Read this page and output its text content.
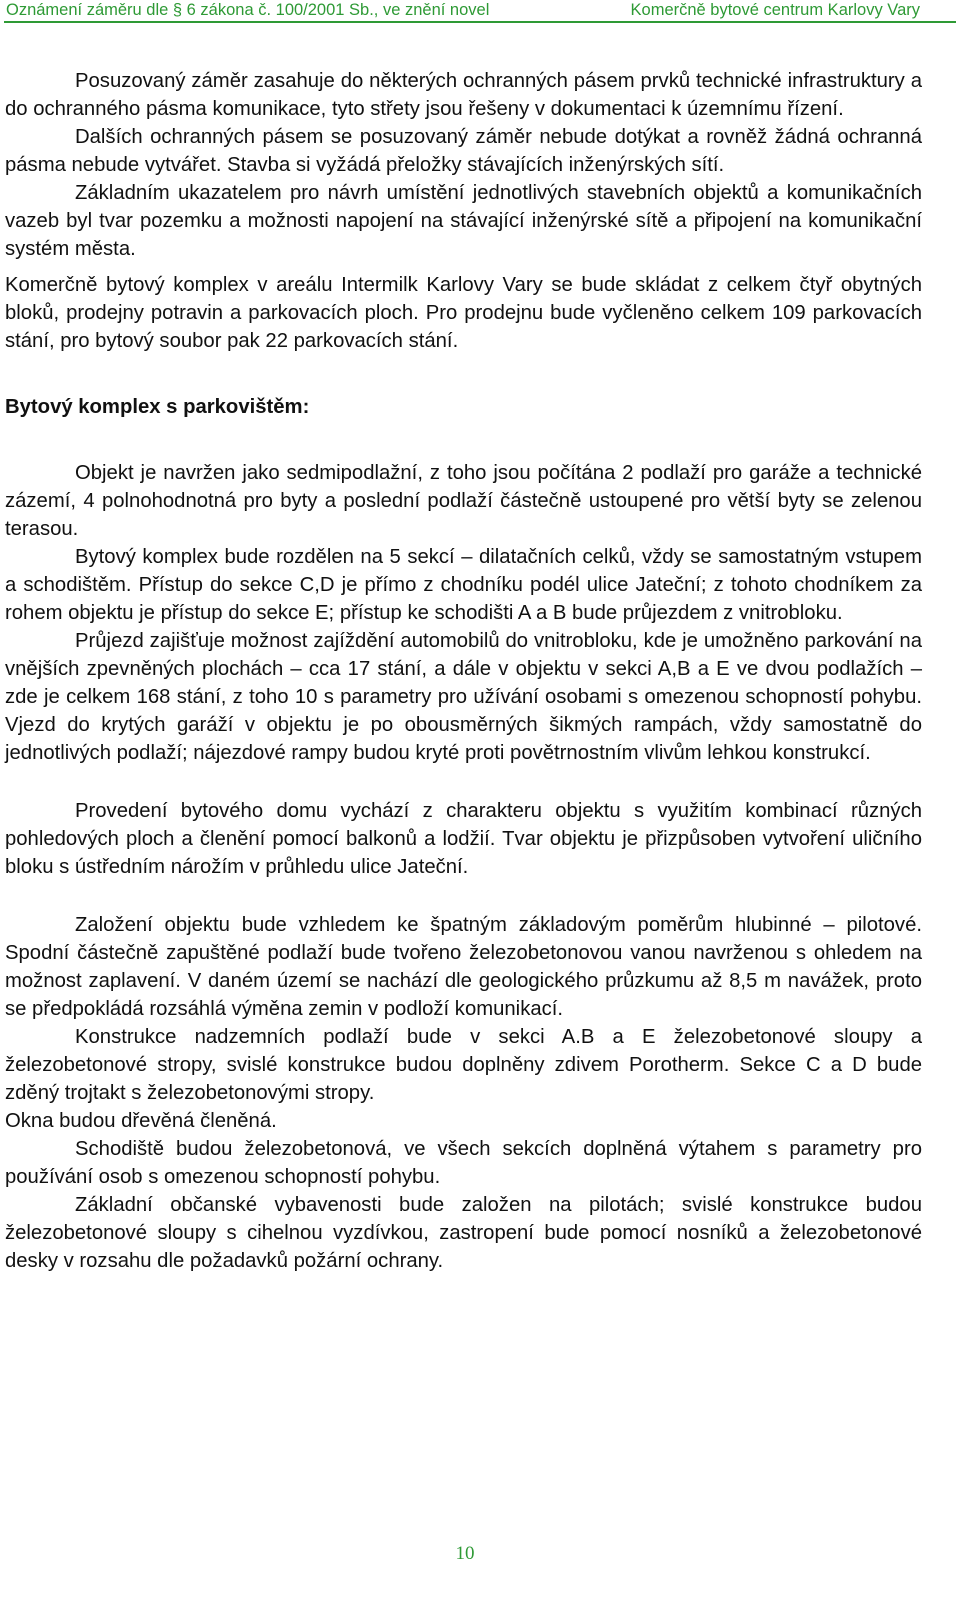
Oznámení záměru dle § 6 zákona č. 100/2001 Sb., ve znění novel	Komerčně bytové centrum Karlovy Vary

Posuzovaný záměr zasahuje do některých ochranných pásem prvků technické infrastruktury a do ochranného pásma komunikace, tyto střety jsou řešeny v dokumentaci k územnímu řízení.

Dalších ochranných pásem se posuzovaný záměr nebude dotýkat a rovněž žádná ochranná pásma nebude vytvářet. Stavba si vyžádá přeložky stávajících inženýrských sítí.

Základním ukazatelem pro návrh umístění jednotlivých stavebních objektů a komunikačních vazeb byl tvar pozemku a možnosti napojení na stávající inženýrské sítě a připojení na komunikační systém města.

Komerčně bytový komplex v areálu Intermilk Karlovy Vary se bude skládat z celkem čtyř obytných bloků, prodejny potravin a parkovacích ploch. Pro prodejnu bude vyčleněno celkem 109 parkovacích stání, pro bytový soubor pak 22 parkovacích stání.

Bytový komplex s parkovištěm:

Objekt je navržen jako sedmipodlažní, z toho jsou počítána 2 podlaží pro garáže a technické zázemí, 4 polnohodnotná pro byty a poslední podlaží částečně ustoupené pro větší byty se zelenou terasou.

Bytový komplex bude rozdělen na 5 sekcí – dilatačních celků, vždy se samostatným vstupem a schodištěm. Přístup do sekce C,D je přímo z chodníku podél ulice Jateční; z tohoto chodníkem za rohem objektu je přístup do sekce E; přístup ke schodišti A a B bude průjezdem z vnitrobloku.

Průjezd zajišťuje možnost zajíždění automobilů do vnitrobloku, kde je umožněno parkování na vnějších zpevněných plochách – cca 17 stání, a dále v objektu v sekci A,B a E ve dvou podlažích – zde je celkem 168 stání, z toho 10 s parametry pro užívání osobami s omezenou schopností pohybu. Vjezd do krytých garáží v objektu je po obousměrných šikmých rampách, vždy samostatně do jednotlivých podlaží; nájezdové rampy budou kryté proti povětrnostním vlivům lehkou konstrukcí.

Provedení bytového domu vychází z charakteru objektu s využitím kombinací různých pohledových ploch a členění pomocí balkonů a lodžií. Tvar objektu je přizpůsoben vytvoření uličního bloku s ústředním nárožím v průhledu ulice Jateční.

Založení objektu bude vzhledem ke špatným základovým poměrům hlubinné – pilotové. Spodní částečně zapuštěné podlaží bude tvořeno železobetonovou vanou navrženou s ohledem na možnost zaplavení. V daném území se nachází dle geologického průzkumu až 8,5 m navážek, proto se předpokládá rozsáhlá výměna zemin v podloží komunikací.

Konstrukce nadzemních podlaží bude v sekci A.B a E železobetonové sloupy a železobetonové stropy, svislé konstrukce budou doplněny zdivem Porotherm. Sekce C a D bude zděný trojtakt s železobetonovými stropy.

Okna budou dřevěná členěná.

Schodiště budou železobetonová, ve všech sekcích doplněná výtahem s parametry pro používání osob s omezenou schopností pohybu.

Základní občanské vybavenosti bude založen na pilotách; svislé konstrukce budou železobetonové sloupy s cihelnou vyzdívkou, zastropení bude pomocí nosníků a železobetonové desky v rozsahu dle požadavků požární ochrany.

10
